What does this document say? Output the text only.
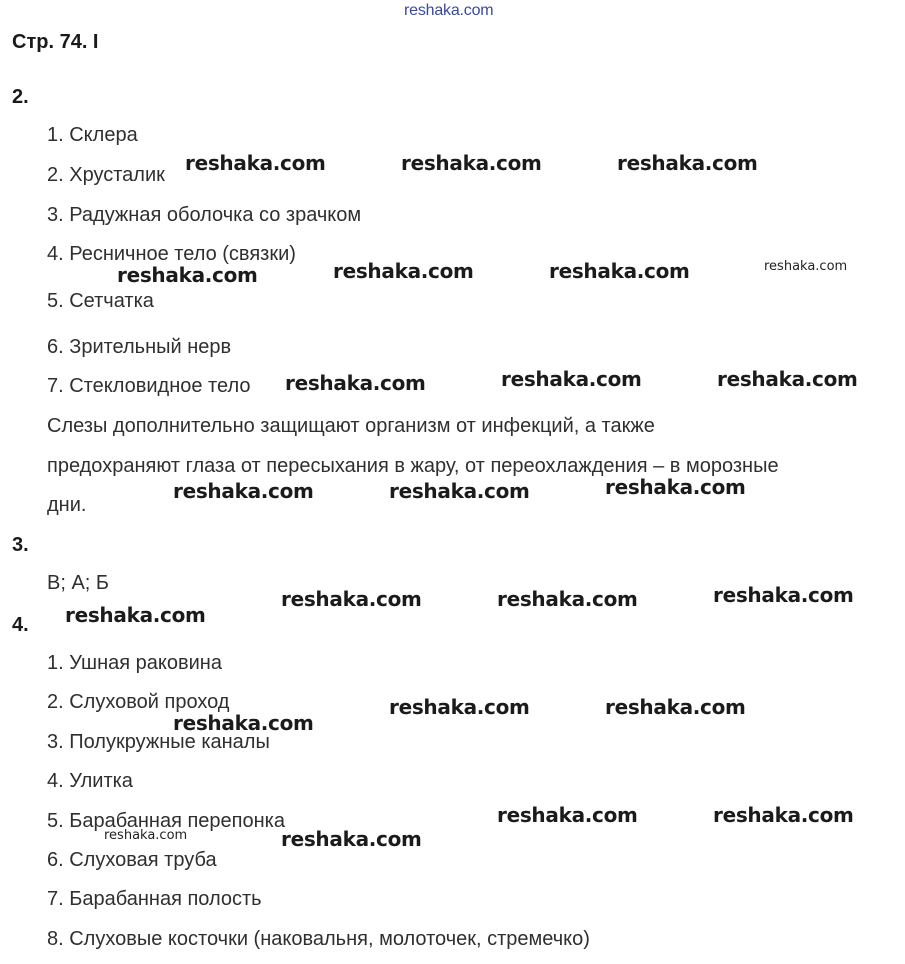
reshaka.com
Стр. 74. I
2.
1. Склера
2. Хрусталик
3. Радужная оболочка со зрачком
4. Ресничное тело (связки)
5. Сетчатка
6. Зрительный нерв
7. Стекловидное тело
Слезы дополнительно защищают организм от инфекций, а также
предохраняют глаза от пересыхания в жару, от переохлаждения – в морозные
дни.
3.
В; А; Б
4.
1. Ушная раковина
2. Слуховой проход
3. Полукружные каналы
4. Улитка
5. Барабанная перепонка
6. Слуховая труба
7. Барабанная полость
8. Слуховые косточки (наковальня, молоточек, стремечко)
reshaka.com	reshaka.com	reshaka.com
reshaka.com	reshaka.com	reshaka.com	reshaka.com
reshaka.com	reshaka.com	reshaka.com
reshaka.com	reshaka.com	reshaka.com
reshaka.com
reshaka.com	reshaka.com	reshaka.com
reshaka.com
reshaka.com	reshaka.com
reshaka.com	reshaka.com
reshaka.com	reshaka.com
